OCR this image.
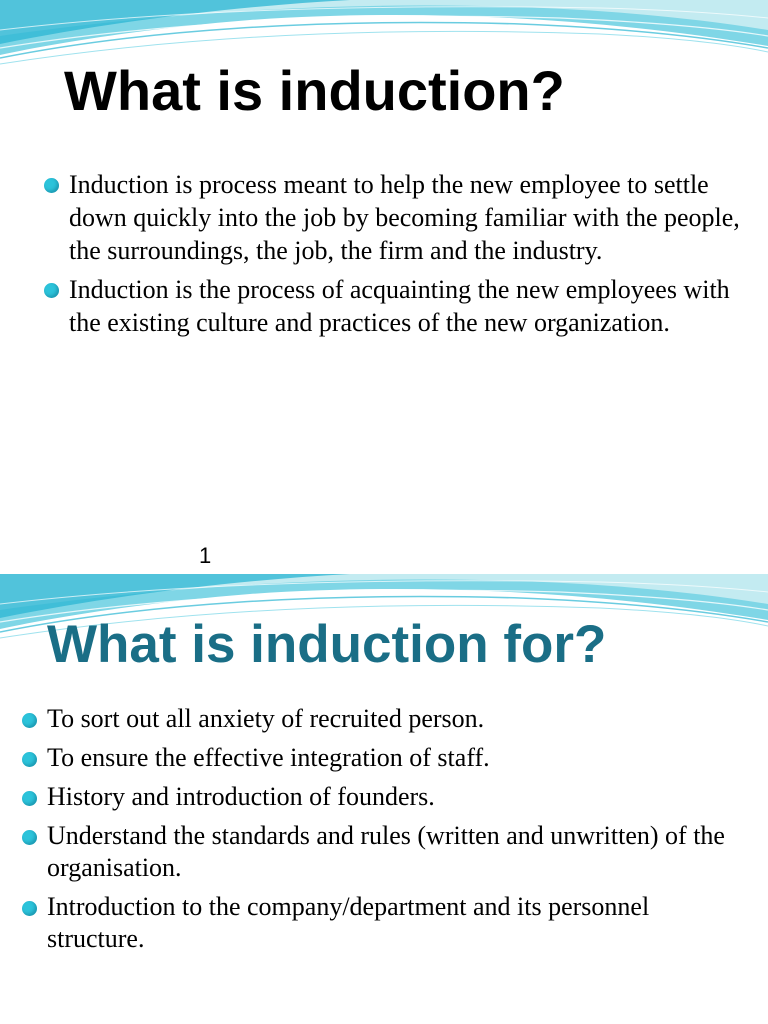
What is induction?
Induction is process meant to help the new employee to settle down quickly into the job by becoming familiar with the people, the surroundings, the job, the firm and the industry.
Induction is the process of acquainting the new employees with the existing culture and practices of the new organization.
1
What is induction for?
To sort out all anxiety of recruited person.
To ensure the effective integration of staff.
History and introduction of founders.
Understand the standards and rules (written and unwritten) of the organisation.
Introduction to the company/department and its personnel structure.
